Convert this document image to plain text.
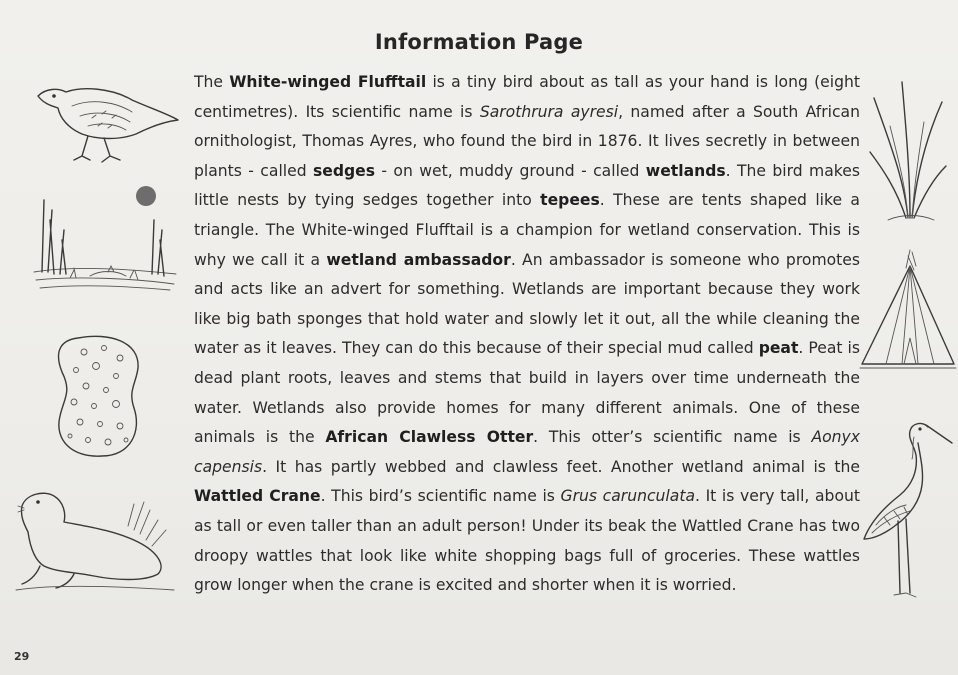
Information Page
The White-winged Flufftail is a tiny bird about as tall as your hand is long (eight centimetres). Its scientific name is Sarothrura ayresi, named after a South African ornithologist, Thomas Ayres, who found the bird in 1876. It lives secretly in between plants - called sedges - on wet, muddy ground - called wetlands. The bird makes little nests by tying sedges together into tepees. These are tents shaped like a triangle. The White-winged Flufftail is a champion for wetland conservation. This is why we call it a wetland ambassador. An ambassador is someone who promotes and acts like an advert for something. Wetlands are important because they work like big bath sponges that hold water and slowly let it out, all the while cleaning the water as it leaves. They can do this because of their special mud called peat. Peat is dead plant roots, leaves and stems that build in layers over time underneath the water. Wetlands also provide homes for many different animals. One of these animals is the African Clawless Otter. This otter’s scientific name is Aonyx capensis. It has partly webbed and clawless feet. Another wetland animal is the Wattled Crane. This bird’s scientific name is Grus carunculata. It is very tall, about as tall or even taller than an adult person! Under its beak the Wattled Crane has two droopy wattles that look like white shopping bags full of groceries. These wattles grow longer when the crane is excited and shorter when it is worried.
29
